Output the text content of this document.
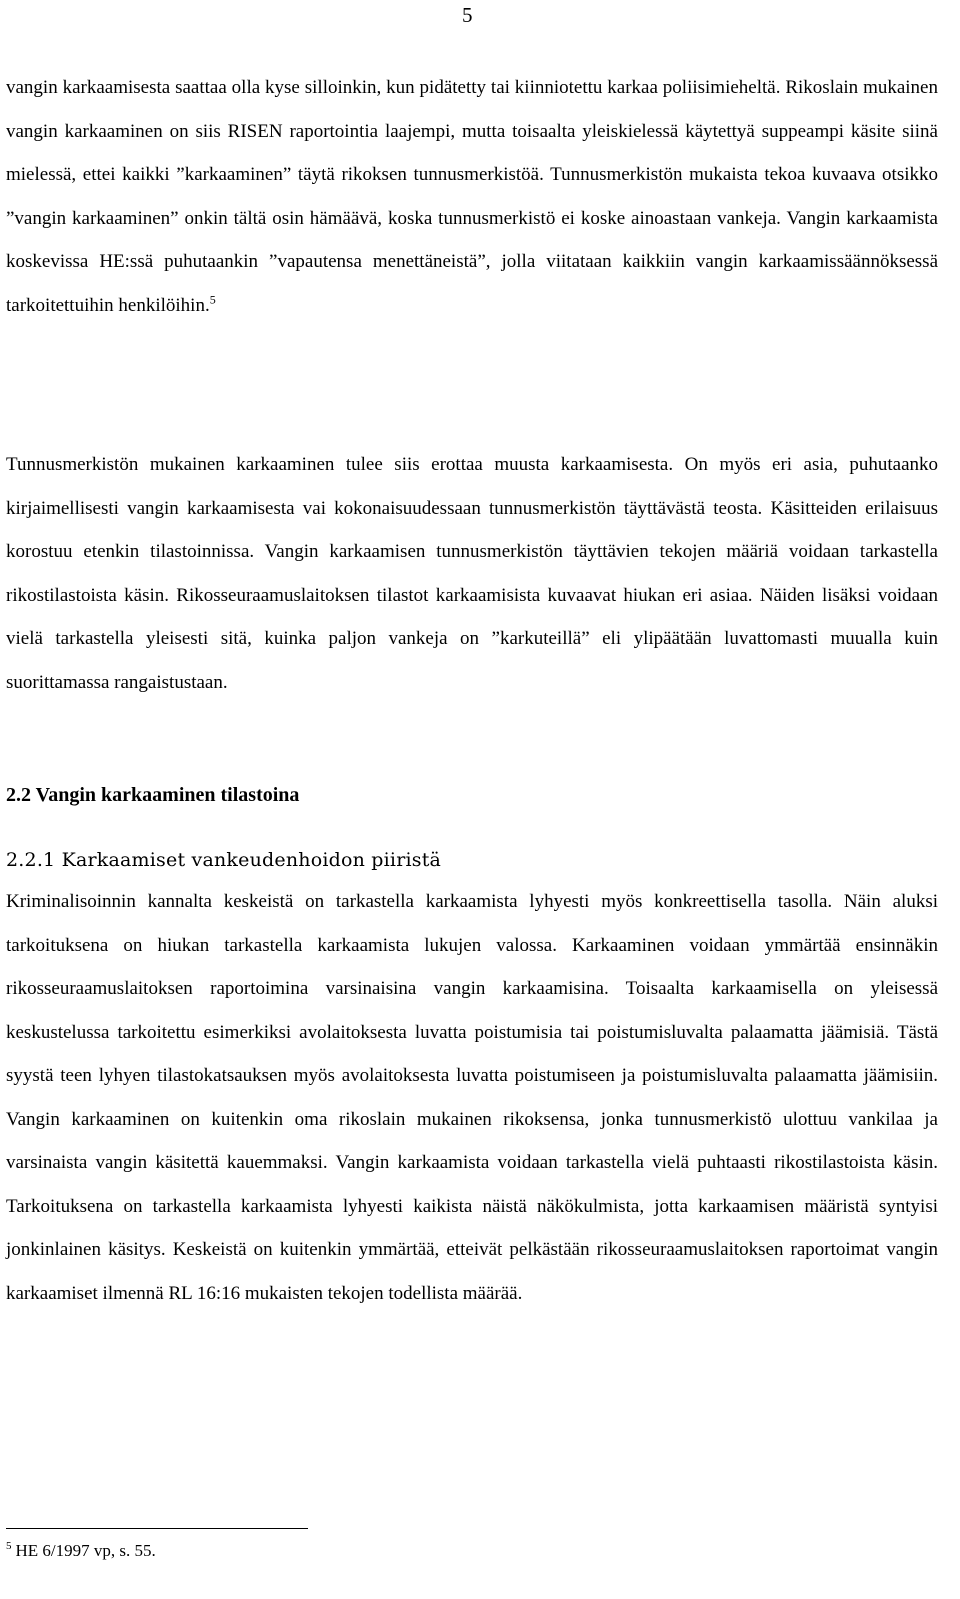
5

vangin karkaamisesta saattaa olla kyse silloinkin, kun pidätetty tai kiinniotettu karkaa poliisimieheltä. Rikoslain mukainen vangin karkaaminen on siis RISEN raportointia laajempi, mutta toisaalta yleiskielessä käytettyä suppeampi käsite siinä mielessä, ettei kaikki ”karkaaminen” täytä rikoksen tunnusmerkistöä. Tunnusmerkistön mukaista tekoa kuvaava otsikko ”vangin karkaaminen” onkin tältä osin hämäävä, koska tunnusmerkistö ei koske ainoastaan vankeja. Vangin karkaamista koskevissa HE:ssä puhutaankin ”vapautensa menettäneistä”, jolla viitataan kaikkiin vangin karkaamissäännöksessä tarkoitettuihin henkilöihin.$^5$

Tunnusmerkistön mukainen karkaaminen tulee siis erottaa muusta karkaamisesta. On myös eri asia, puhutaanko kirjaimellisesti vangin karkaamisesta vai kokonaisuudessaan tunnusmerkistön täyttävästä teosta. Käsitteiden erilaisuus korostuu etenkin tilastoinnissa. Vangin karkaamisen tunnusmerkistön täyttävien tekojen määriä voidaan tarkastella rikostilastoista käsin. Rikosseuraamuslaitoksen tilastot karkaamisista kuvaavat hiukan eri asiaa. Näiden lisäksi voidaan vielä tarkastella yleisesti sitä, kuinka paljon vankeja on ”karkuteillä” eli ylipäätään luvattomasti muualla kuin suorittamassa rangaistustaan.

2.2 Vangin karkaaminen tilastoina
2.2.1 Karkaamiset vankeudenhoidon piiristä

Kriminalisoinnin kannalta keskeistä on tarkastella karkaamista lyhyesti myös konkreettisella tasolla. Näin aluksi tarkoituksena on hiukan tarkastella karkaamista lukujen valossa. Karkaaminen voidaan ymmärtää ensinnäkin rikosseuraamuslaitoksen raportoimina varsinaisina vangin karkaamisina. Toisaalta karkaamisella on yleisessä keskustelussa tarkoitettu esimerkiksi avolaitoksesta luvatta poistumisia tai poistumisluvalta palaamatta jäämisiä. Tästä syystä teen lyhyen tilastokatsauksen myös avolaitoksesta luvatta poistumiseen ja poistumisluvalta palaamatta jäämisiin. Vangin karkaaminen on kuitenkin oma rikoslain mukainen rikoksensa, jonka tunnusmerkistö ulottuu vankilaa ja varsinaista vangin käsitettä kauemmaksi. Vangin karkaamista voidaan tarkastella vielä puhtaasti rikostilastoista käsin. Tarkoituksena on tarkastella karkaamista lyhyesti kaikista näistä näkökulmista, jotta karkaamisen määristä syntyisi jonkinlainen käsitys. Keskeistä on kuitenkin ymmärtää, etteivät pelkästään rikosseuraamuslaitoksen raportoimat vangin karkaamiset ilmennä RL 16:16 mukaisten tekojen todellista määrää.

$^5$ HE 6/1997 vp, s. 55.
